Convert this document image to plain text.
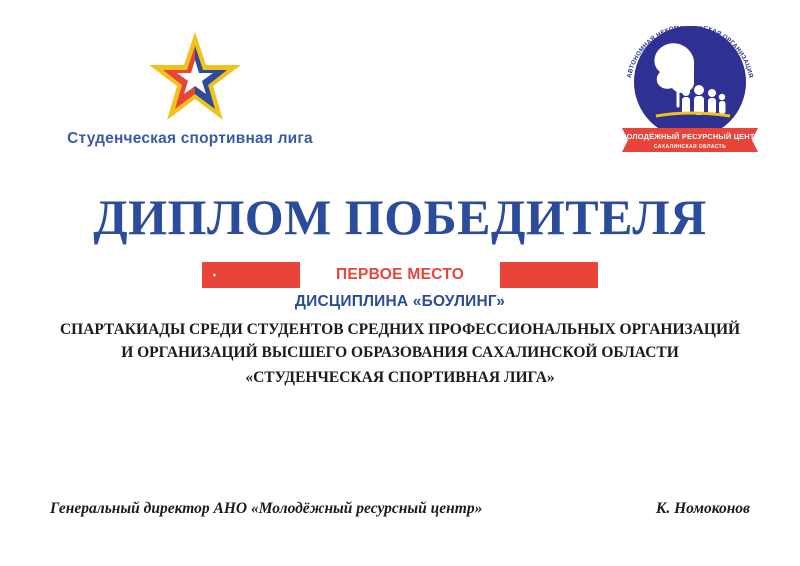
Студенческая спортивная лига
АВТОНОМНАЯ НЕКОММЕРЧЕСКАЯ ОРГАНИЗАЦИЯ
МОЛОДЁЖНЫЙ РЕСУРСНЫЙ ЦЕНТР
САХАЛИНСКАЯ ОБЛАСТЬ
ДИПЛОМ ПОБЕДИТЕЛЯ
ПЕРВОЕ МЕСТО
ДИСЦИПЛИНА «БОУЛИНГ»
СПАРТАКИАДЫ СРЕДИ СТУДЕНТОВ СРЕДНИХ ПРОФЕССИОНАЛЬНЫХ ОРГАНИЗАЦИЙ
И ОРГАНИЗАЦИЙ ВЫСШЕГО ОБРАЗОВАНИЯ САХАЛИНСКОЙ ОБЛАСТИ
«СТУДЕНЧЕСКАЯ СПОРТИВНАЯ ЛИГА»
Генеральный директор АНО «Молодёжный ресурсный центр»	К. Номоконов
